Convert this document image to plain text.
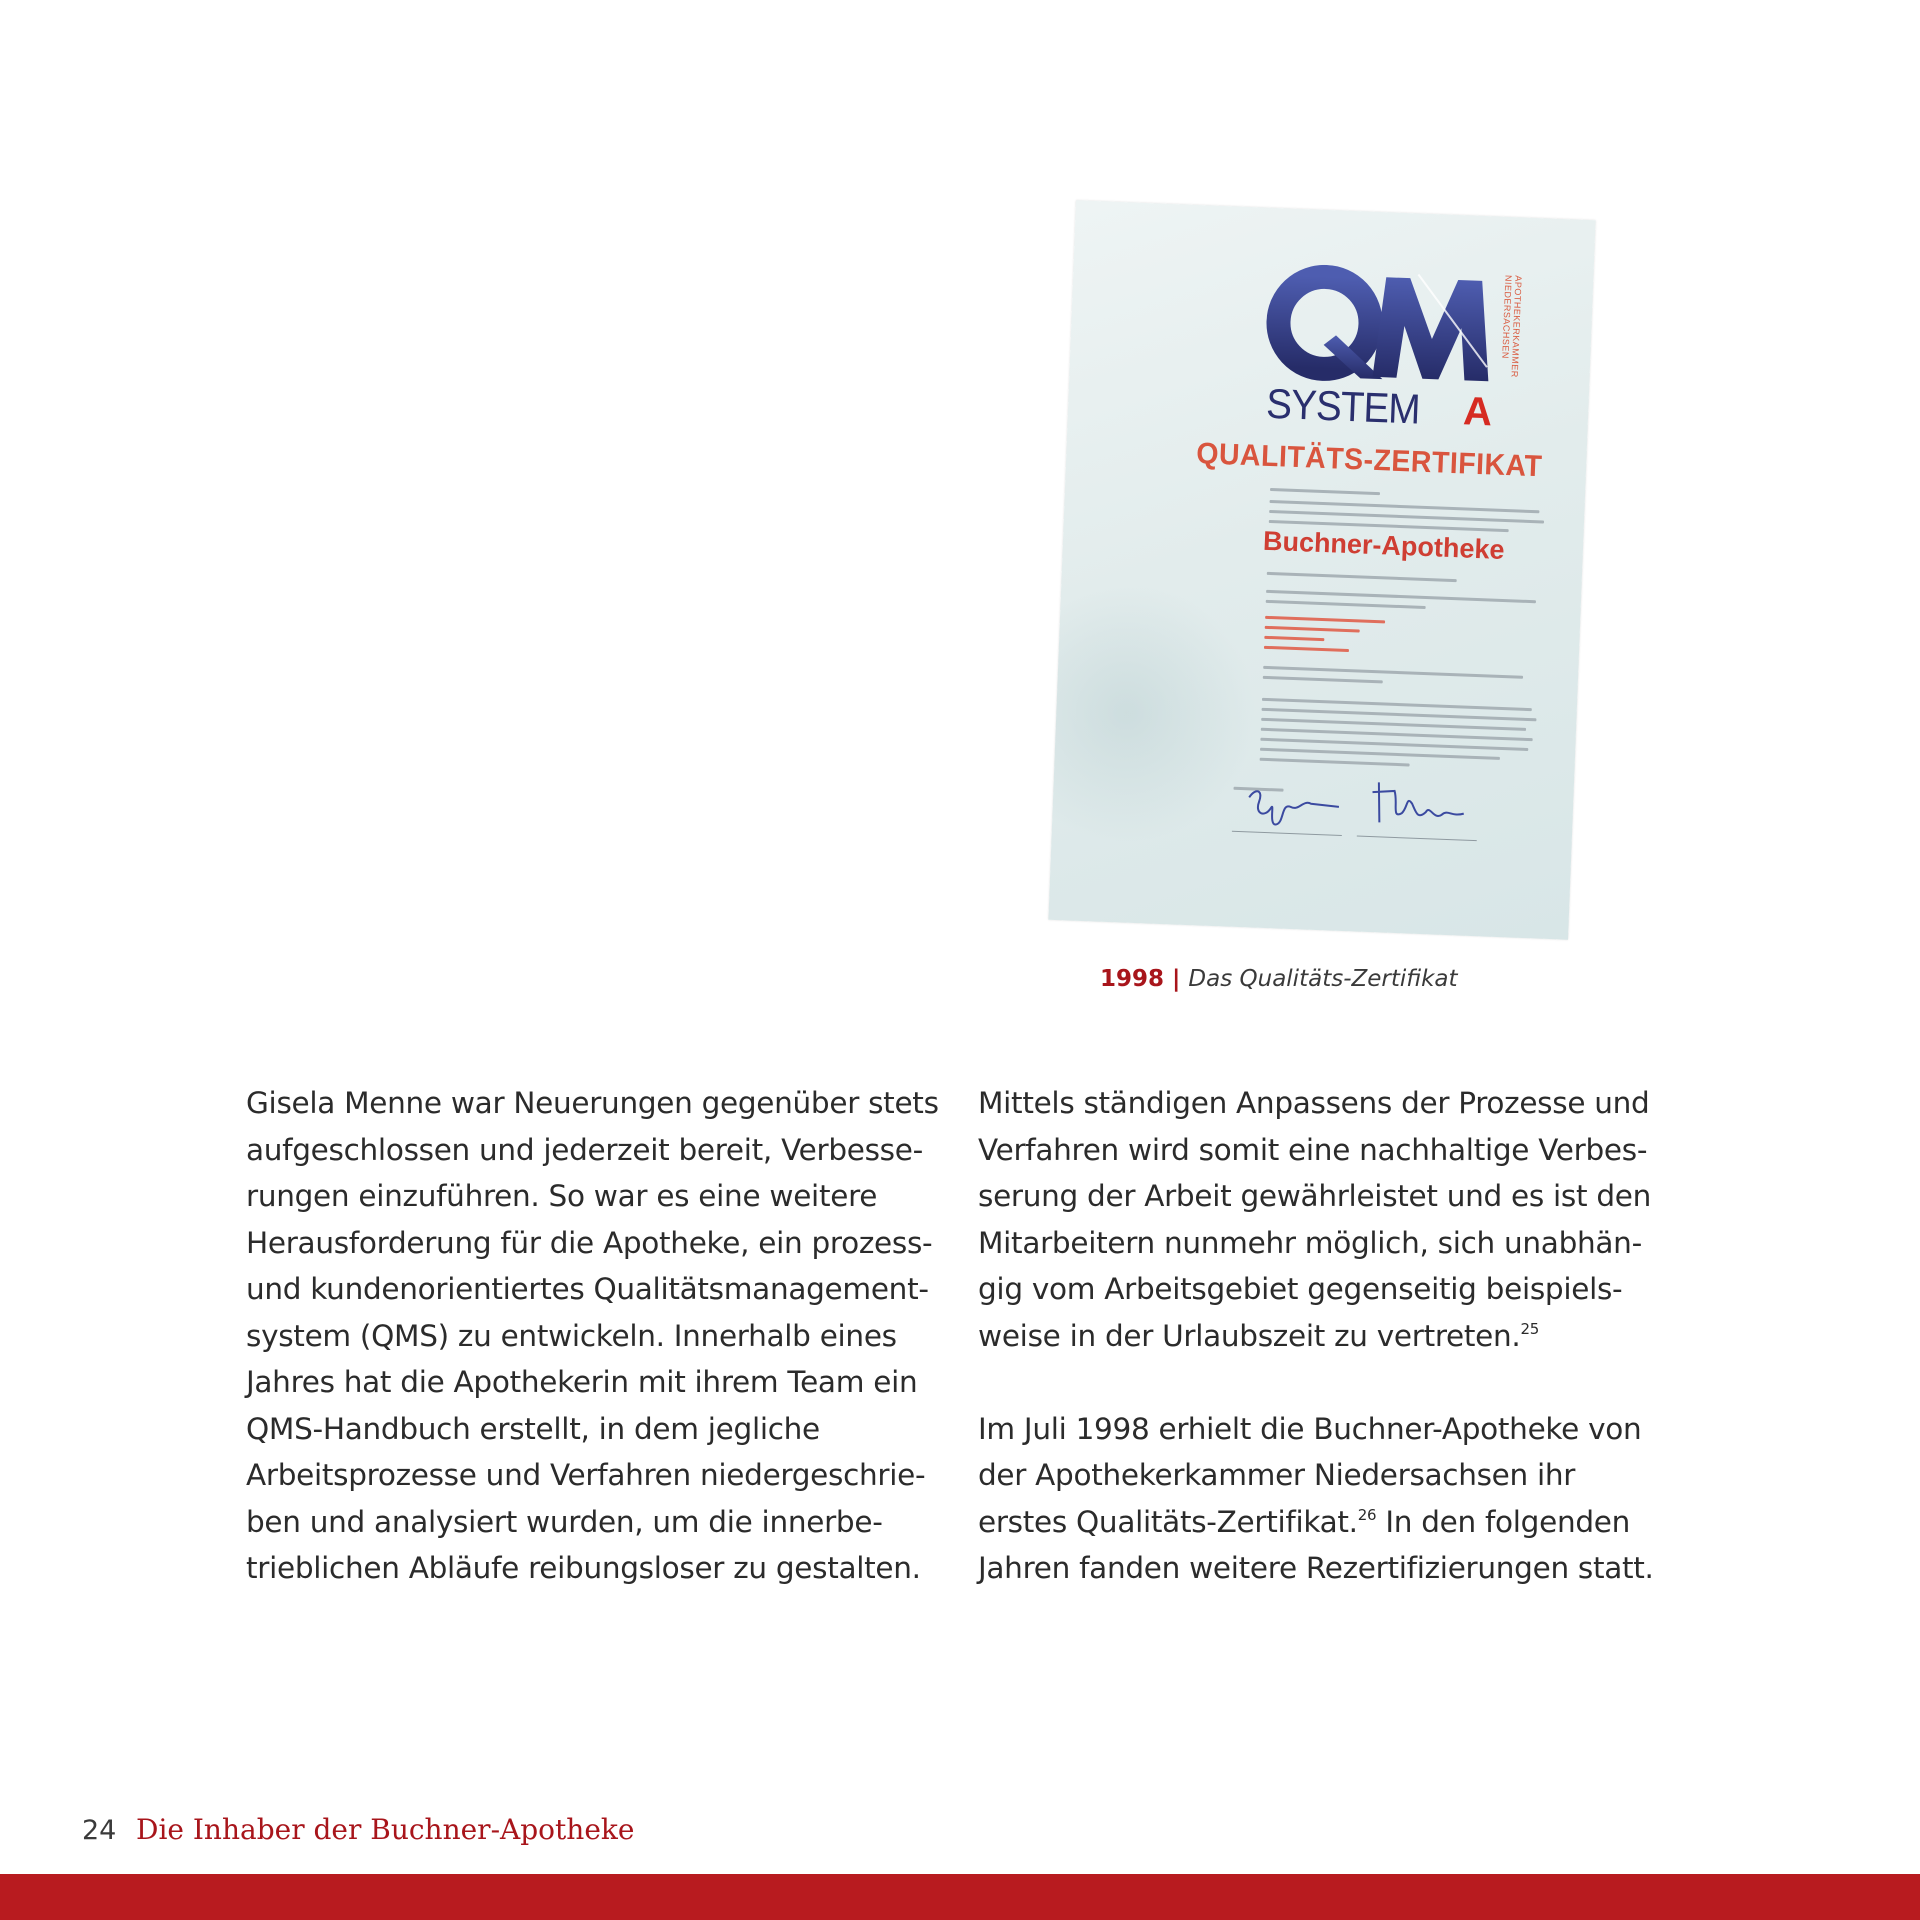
APOTHEKERKAMMER NIEDERSACHSEN
SYSTEM A
QUALITÄTS-ZERTIFIKAT
Buchner-Apotheke
1998 | Das Qualitäts-Zertifikat
Gisela Menne war Neuerungen gegenüber stets
aufgeschlossen und jederzeit bereit, Verbesse-
rungen einzuführen. So war es eine weitere
Herausforderung für die Apotheke, ein prozess-
und kundenorientiertes Qualitätsmanagement-
system (QMS) zu entwickeln. Innerhalb eines
Jahres hat die Apothekerin mit ihrem Team ein
QMS-Handbuch erstellt, in dem jegliche
Arbeitsprozesse und Verfahren niedergeschrie-
ben und analysiert wurden, um die innerbe-
trieblichen Abläufe reibungsloser zu gestalten.
Mittels ständigen Anpassens der Prozesse und
Verfahren wird somit eine nachhaltige Verbes-
serung der Arbeit gewährleistet und es ist den
Mitarbeitern nunmehr möglich, sich unabhän-
gig vom Arbeitsgebiet gegenseitig beispiels-
weise in der Urlaubszeit zu vertreten.$^{25}$
Im Juli 1998 erhielt die Buchner-Apotheke von
der Apothekerkammer Niedersachsen ihr
erstes Qualitäts-Zertifikat.$^{26}$ In den folgenden
Jahren fanden weitere Rezertifizierungen statt.
24 Die Inhaber der Buchner-Apotheke
